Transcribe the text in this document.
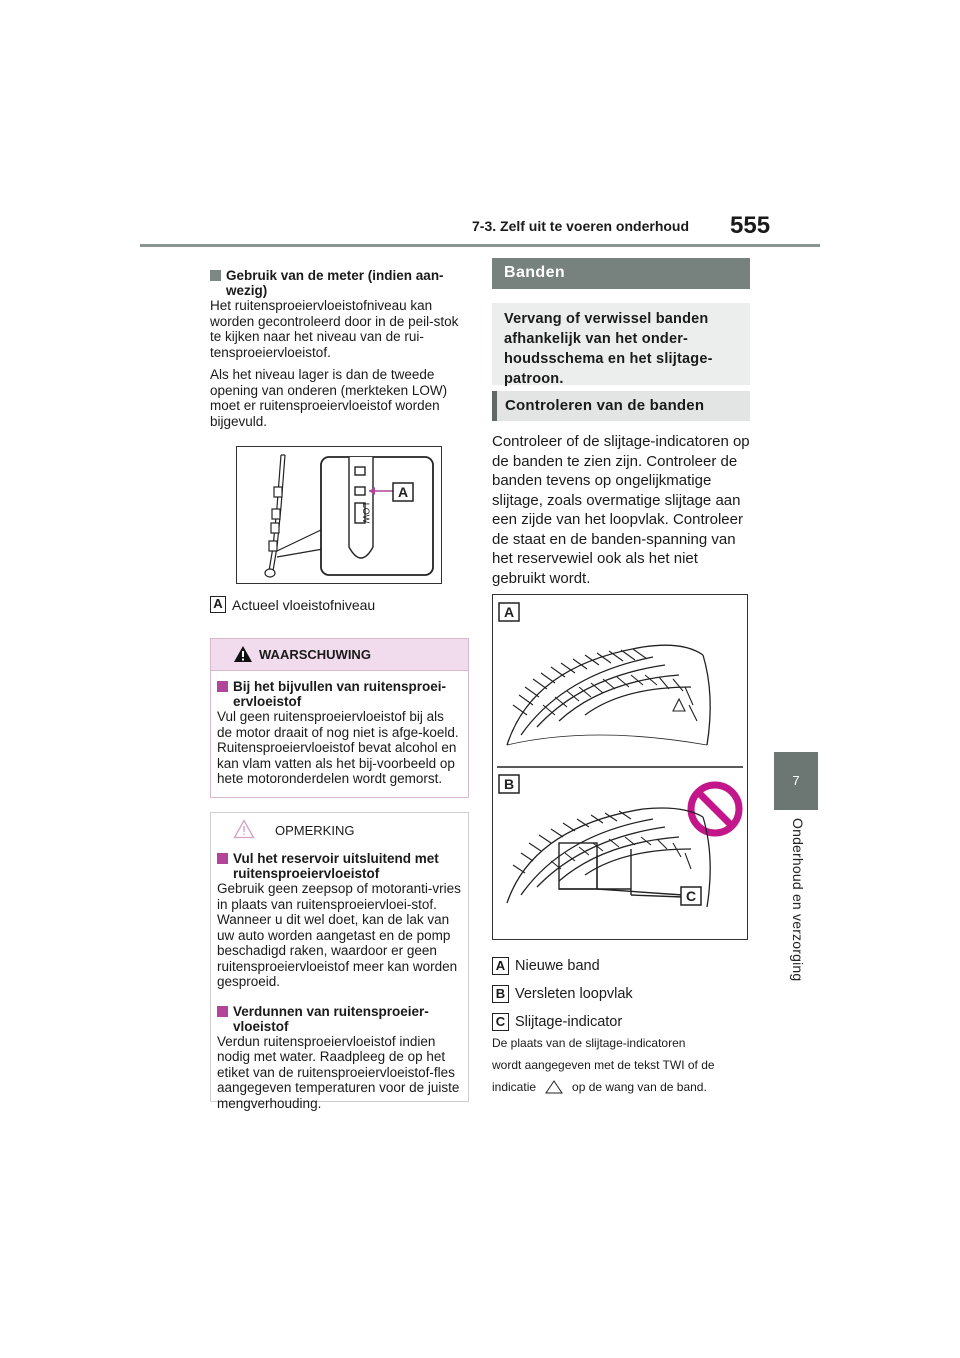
7-3. Zelf uit te voeren onderhoud 555
7
Onderhoud en verzorging
Gebruik van de meter (indien aan-
wezig)

Het ruitensproeiervloeistofniveau kan worden gecontroleerd door in de peil-stok te kijken naar het niveau van de rui-tensproeiervloeistof.

Als het niveau lager is dan de tweede opening van onderen (merkteken LOW) moet er ruitensproeiervloeistof worden bijgevuld.

LOW
A
A Actueel vloeistofniveau
WAARSCHUWING
Bij het bijvullen van ruitensproei-ervloeistof

Vul geen ruitensproeiervloeistof bij als de motor draait of nog niet is afge-koeld. Ruitensproeiervloeistof bevat alcohol en kan vlam vatten als het bij-voorbeeld op hete motoronderdelen wordt gemorst.

OPMERKING
Vul het reservoir uitsluitend met ruitensproeiervloeistof

Gebruik geen zeepsop of motoranti-vries in plaats van ruitensproeiervloei-stof. Wanneer u dit wel doet, kan de lak van uw auto worden aangetast en de pomp beschadigd raken, waardoor er geen ruitensproeiervloeistof meer kan worden gesproeid.

Verdunnen van ruitensproeier-vloeistof

Verdun ruitensproeiervloeistof indien nodig met water. Raadpleeg de op het etiket van de ruitensproeiervloeistof-fles aangegeven temperaturen voor de juiste mengverhouding.

Banden
Vervang of verwissel banden afhankelijk van het onder-houdsschema en het slijtage-patroon.
Controleren van de banden

Controleer of de slijtage-indicatoren op de banden te zien zijn. Controleer de banden tevens op ongelijkmatige slijtage, zoals overmatige slijtage aan een zijde van het loopvlak. Controleer de staat en de banden-spanning van het reservewiel ook als het niet gebruikt wordt.

A
B
C
A Nieuwe band
B Versleten loopvlak
C Slijtage-indicator
De plaats van de slijtage-indicatoren
wordt aangegeven met de tekst TWI of de
indicatie	op de wang van de band.
